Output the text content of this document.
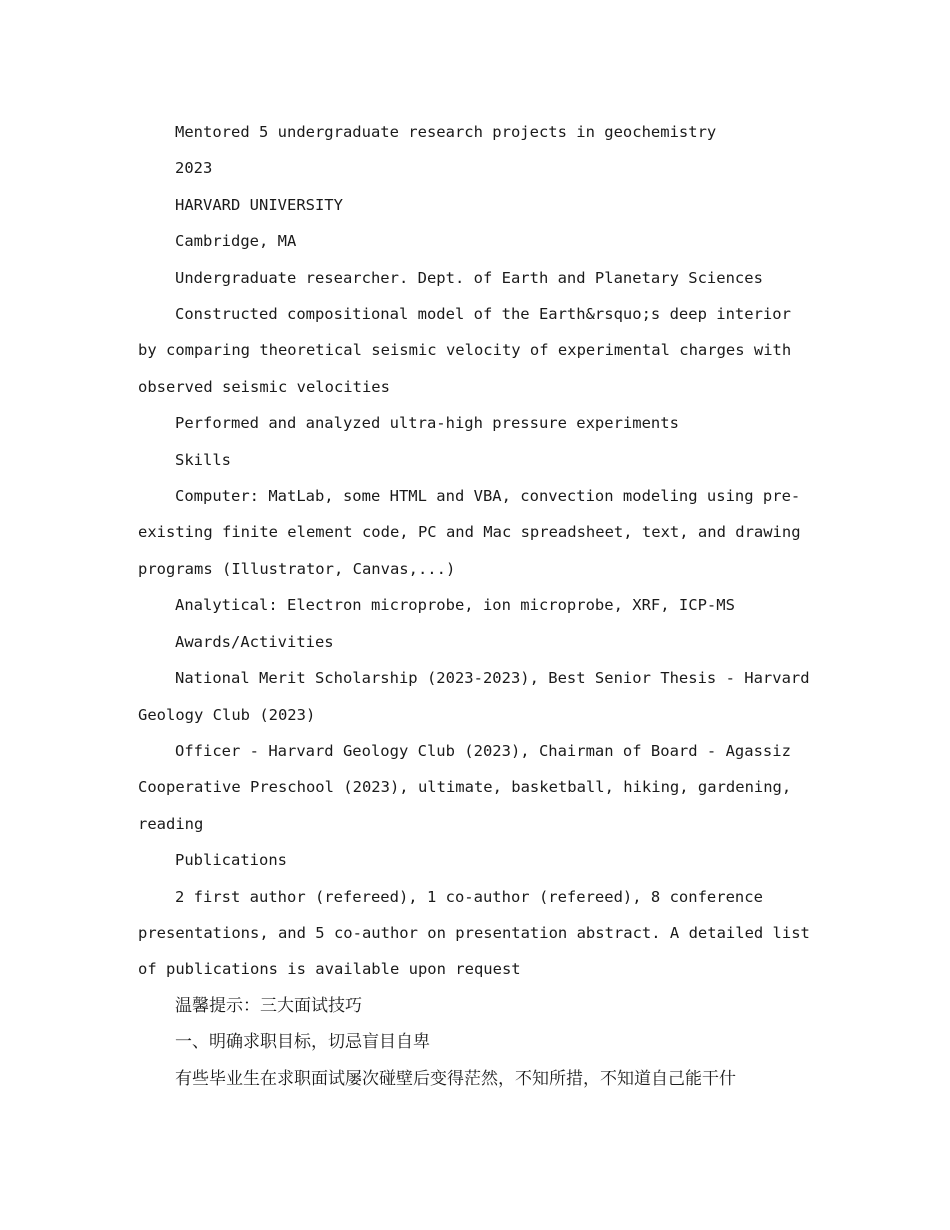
Mentored 5 undergraduate research projects in geochemistry

2023

HARVARD UNIVERSITY

Cambridge, MA

Undergraduate researcher. Dept. of Earth and Planetary Sciences

Constructed compositional model of the Earth&rsquo;s deep interior by comparing theoretical seismic velocity of experimental charges with observed seismic velocities

Performed and analyzed ultra-high pressure experiments

Skills

Computer: MatLab, some HTML and VBA, convection modeling using pre-existing finite element code, PC and Mac spreadsheet, text, and drawing programs (Illustrator, Canvas,...)

Analytical: Electron microprobe, ion microprobe, XRF, ICP-MS

Awards/Activities

National Merit Scholarship (2023-2023), Best Senior Thesis - Harvard Geology Club (2023)

Officer - Harvard Geology Club (2023), Chairman of Board - Agassiz Cooperative Preschool (2023), ultimate, basketball, hiking, gardening, reading

Publications

2 first author (refereed), 1 co-author (refereed), 8 conference presentations, and 5 co-author on presentation abstract. A detailed list of publications is available upon request

温馨提示：三大面试技巧

一、明确求职目标，切忌盲目自卑

有些毕业生在求职面试屡次碰壁后变得茫然，不知所措，不知道自己能干什
